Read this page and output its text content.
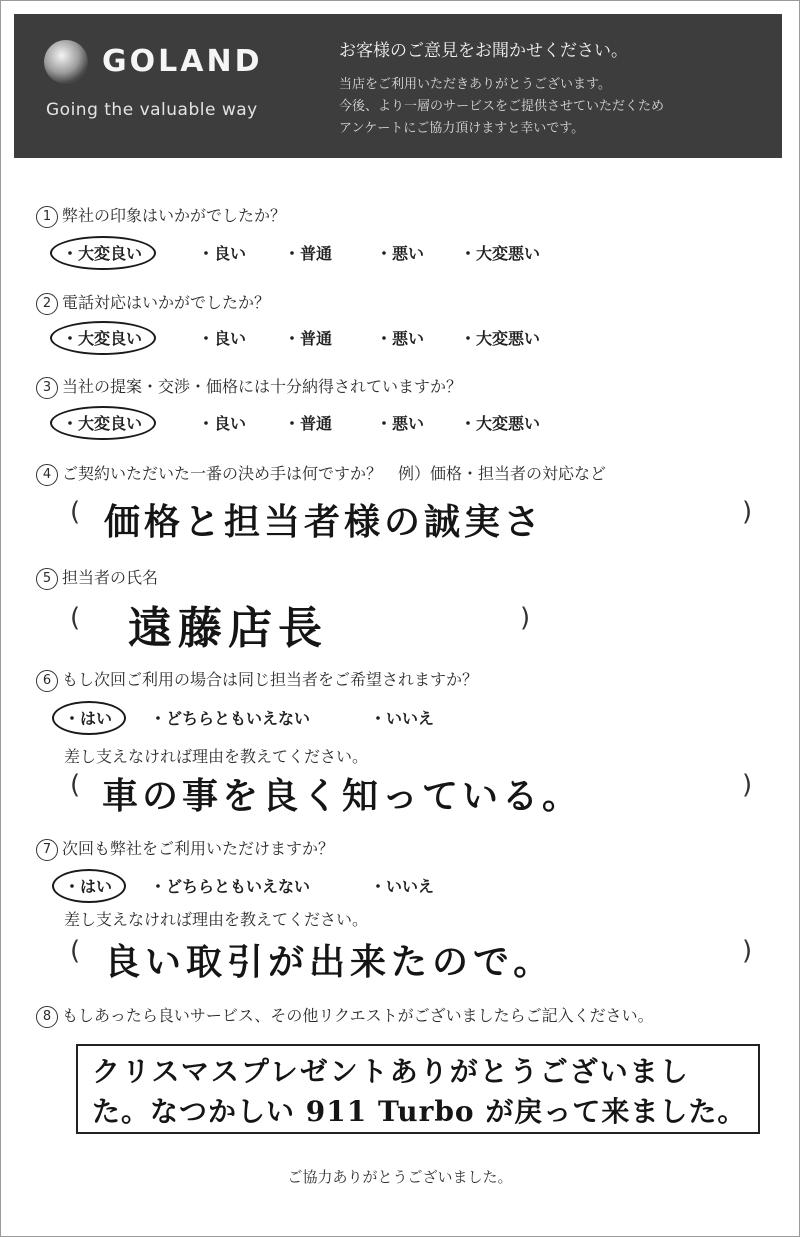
GOLAND
Going the valuable way
お客様のご意見をお聞かせください。
当店をご利用いただきありがとうございます。
今後、より一層のサービスをご提供させていただくため
アンケートにご協力頂けますと幸いです。
1 弊社の印象はいかがでしたか？
・大変良い	・良い ・普通	・悪い ・大変悪い
2 電話対応はいかがでしたか？
・大変良い	・良い ・普通	・悪い ・大変悪い
3 当社の提案・交渉・価格には十分納得されていますか？
・大変良い	・良い ・普通	・悪い ・大変悪い
4 ご契約いただいた一番の決め手は何ですか？　例）価格・担当者の対応など
( 価格と担当者様の誠実さ	)
5 担当者の氏名
( 遠藤店長	)
6 もし次回ご利用の場合は同じ担当者をご希望されますか？
・はい	・どちらともいえない	・いいえ
差し支えなければ理由を教えてください。
( 車の事を良く知っている。	)
7 次回も弊社をご利用いただけますか？
・はい	・どちらともいえない	・いいえ
差し支えなければ理由を教えてください。
( 良い取引が出来たので。	)
8 もしあったら良いサービス、その他リクエストがございましたらご記入ください。
クリスマスプレゼントありがとうございまし
た。なつかしい 911 Turbo が戻って来ました。
ご協力ありがとうございました。
